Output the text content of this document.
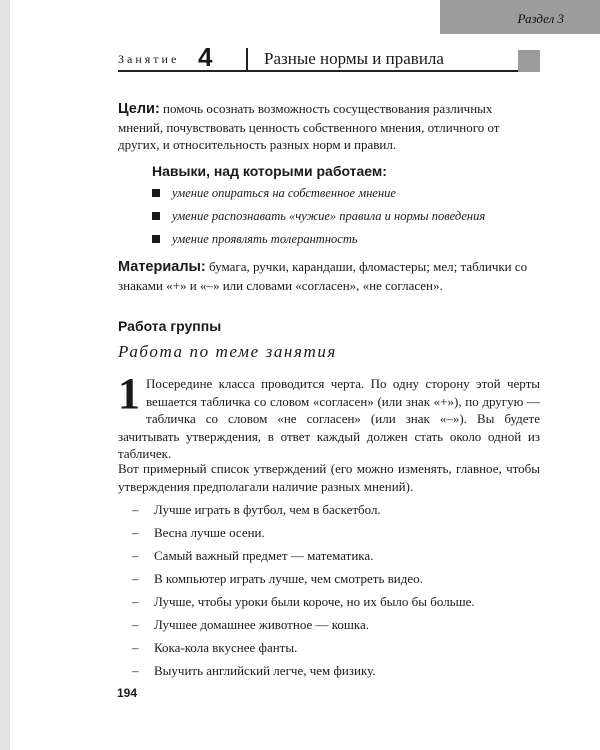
Раздел 3
Занятие 4	Разные нормы и правила
Цели: помочь осознать возможность сосуществования различных мнений, почувствовать ценность собственного мнения, отличного от других, и относительность разных норм и правил.
Навыки, над которыми работаем:
умение опираться на собственное мнение
умение распознавать «чужие» правила и нормы поведения
умение проявлять толерантность
Материалы: бумага, ручки, карандаши, фломастеры; мел; таблички со знаками «+» и «–» или словами «согласен», «не согласен».
Работа группы
Работа по теме занятия
1 Посередине класса проводится черта. По одну сторону этой черты вешается табличка со словом «согласен» (или знак «+»), по другую — табличка со словом «не согласен» (или знак «–»). Вы будете зачитывать утверждения, в ответ каждый должен стать около одной из табличек.
Вот примерный список утверждений (его можно изменять, главное, чтобы утверждения предполагали наличие разных мнений).
– Лучше играть в футбол, чем в баскетбол.
– Весна лучше осени.
– Самый важный предмет — математика.
– В компьютер играть лучше, чем смотреть видео.
– Лучше, чтобы уроки были короче, но их было бы больше.
– Лучшее домашнее животное — кошка.
– Кока-кола вкуснее фанты.
– Выучить английский легче, чем физику.
194
